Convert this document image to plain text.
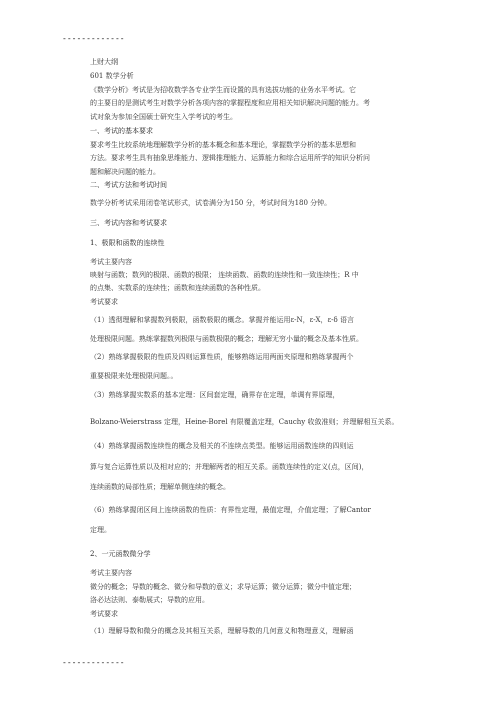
-------------
上财大纲
601 数学分析
《数学分析》考试是为招收数学各专业学生而设置的具有选拔功能的业务水平考试。它
的主要目的是测试考生对数学分析各项内容的掌握程度和应用相关知识解决问题的能力。考
试对象为参加全国硕士研究生入学考试的考生。
一、考试的基本要求
要求考生比较系统地理解数学分析的基本概念和基本理论，掌握数学分析的基本思想和
方法。要求考生具有抽象思维能力、逻辑推理能力、运算能力和综合运用所学的知识分析问
题和解决问题的能力。
二、考试方法和考试时间
数学分析考试采用闭卷笔试形式，试卷满分为150 分，考试时间为180 分钟。
三、考试内容和考试要求
1、极限和函数的连续性
考试主要内容
映射与函数；数列的极限、函数的极限； 连续函数、函数的连续性和一致连续性；R 中
的点集、实数系的连续性；函数和连续函数的各种性质。
考试要求
（1）透彻理解和掌握数列极限，函数极限的概念。掌握并能运用ε-N，ε-X，ε-δ 语言
处理极限问题。熟练掌握数列极限与函数极限的概念；理解无穷小量的概念及基本性质。
（2）熟练掌握极限的性质及四则运算性质，能够熟练运用两面夹原理和熟练掌握两个
重要极限来处理极限问题。。
（3）熟练掌握实数系的基本定理：区间套定理，确界存在定理，单调有界原理，
Bolzano-Weierstrass 定理，Heine-Borel 有限覆盖定理，Cauchy 收敛准则；并理解相互关系。
（4）熟练掌握函数连续性的概念及相关的不连续点类型。能够运用函数连续的四则运
算与复合运算性质以及相对应的；并理解两者的相互关系。函数连续性的定义(点，区间)，
连续函数的局部性质；理解单侧连续的概念。
（6）熟练掌握闭区间上连续函数的性质：有界性定理，最值定理，介值定理；了解Cantor
定理。
2、一元函数微分学
考试主要内容
微分的概念；导数的概念、微分和导数的意义；求导运算；微分运算；微分中值定理；
洛必达法则、泰勒展式；导数的应用。
考试要求
（1）理解导数和微分的概念及其相互关系，理解导数的几何意义和物理意义，理解函
-------------
